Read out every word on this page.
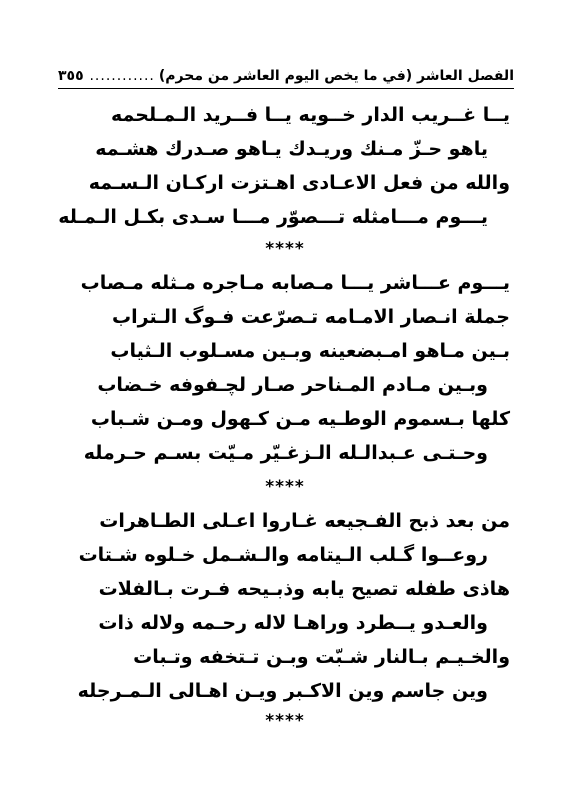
الفصل العاشر (في ما يخص اليوم العاشر من محرم)
.....
٣٥٥
يــا غــريب الدار خــويه يــا فــريد الـمـلحمه
ياهو حـزّ مـنك وريـدك يـاهو صـدرك هشـمه
والله من فعل الاعـادى اهـتزت اركـان الـسـمه
يـــوم مـــامثله تـــصوّر مـــا سـدى بكـل الـمـله
****
يـــوم عـــاشر يـــا مـصابه مـاجره مـثله مـصاب
جملة انـصار الامـامه تـصرّعت فـوگ الـتراب
بـين مـاهو امـبضعينه وبـين مسـلوب الـثياب
وبـين مـادم المـناحر صـار لچـفوفه خـضاب
كلها بـسموم الوطـيه مـن كـهول ومـن شـباب
وحـتـى عـبدالـله الـزغـيّر مـيّت بسـم حـرمله
****
من بعد ذبح الفـجيعه غـاروا اعـلى الطـاهرات
روعــوا گـلب الـيتامه والـشـمل خـلوه شـتات
هاذى طفله تصيح يابه وذبـيحه فـرت بـالفلات
والعـدو يــطرد وراهـا لاله رحـمه ولاله ذات
والخـيـم بـالنار شـبّت وبـن تـتخفه وتـبات
وين جاسم وين الاكـبر ويـن اهـالى الـمـرجله
****
